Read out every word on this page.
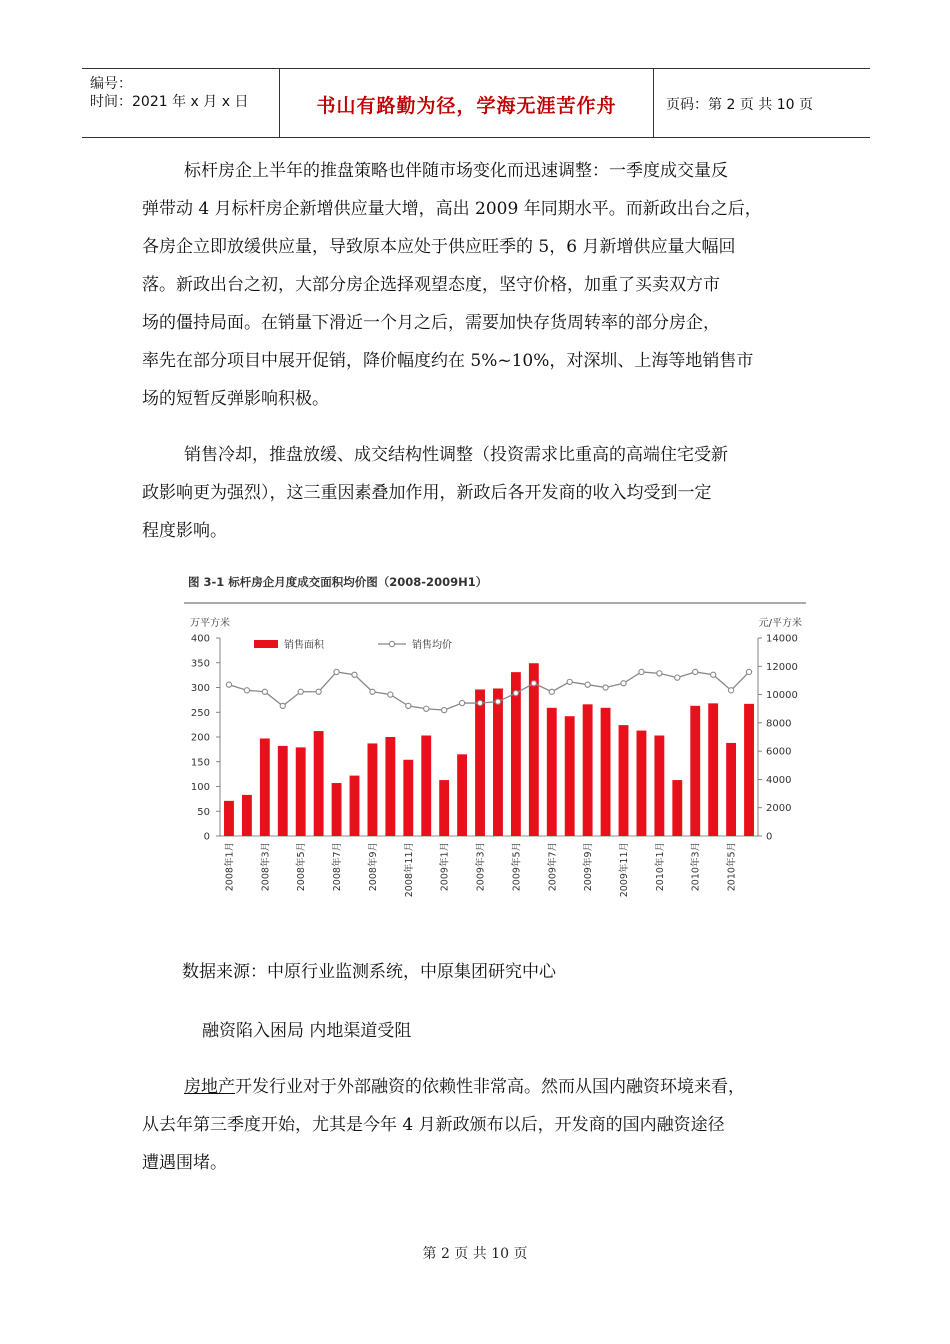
编号：
时间：2021 年 x 月 x 日	书山有路勤为径，学海无涯苦作舟	页码：第 2 页 共 10 页
标杆房企上半年的推盘策略也伴随市场变化而迅速调整：一季度成交量反
弹带动 4 月标杆房企新增供应量大增，高出 2009 年同期水平。而新政出台之后，
各房企立即放缓供应量，导致原本应处于供应旺季的 5，6 月新增供应量大幅回
落。新政出台之初，大部分房企选择观望态度，坚守价格，加重了买卖双方市
场的僵持局面。在销量下滑近一个月之后，需要加快存货周转率的部分房企，
率先在部分项目中展开促销，降价幅度约在 5%~10%，对深圳、上海等地销售市
场的短暂反弹影响积极。
销售冷却，推盘放缓、成交结构性调整（投资需求比重高的高端住宅受新
政影响更为强烈），这三重因素叠加作用，新政后各开发商的收入均受到一定
程度影响。
图 3-1 标杆房企月度成交面积均价图（2008-2009H1）
万平方米	元/平方米
0
50
100
150
200
250
300
350
400
0
2000
4000
6000
8000
10000
12000
14000
2008年1月	2008年3月	2008年5月	2008年7月	2008年9月	2008年11月	2009年1月	2009年3月	2009年5月	2009年7月	2009年9月	2009年11月	2010年1月	2010年3月	2010年5月
销售面积	销售均价
数据来源：中原行业监测系统，中原集团研究中心
融资陷入困局 内地渠道受阻
房地产开发行业对于外部融资的依赖性非常高。然而从国内融资环境来看，
从去年第三季度开始，尤其是今年 4 月新政颁布以后，开发商的国内融资途径
遭遇围堵。
第 2 页 共 10 页
